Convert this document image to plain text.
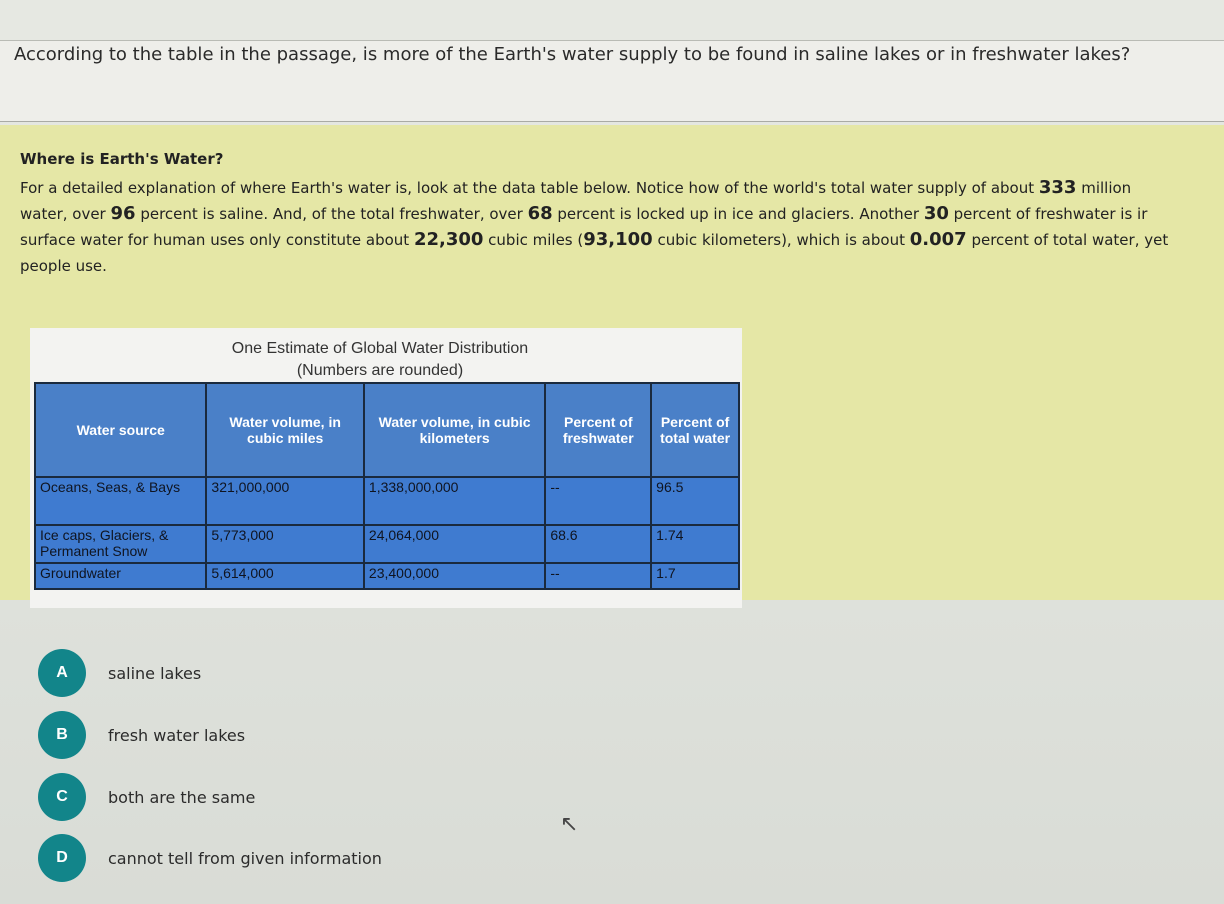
According to the table in the passage, is more of the Earth's water supply to be found in saline lakes or in freshwater lakes?
Where is Earth's Water?
For a detailed explanation of where Earth's water is, look at the data table below. Notice how of the world's total water supply of about 333 million
water, over 96 percent is saline. And, of the total freshwater, over 68 percent is locked up in ice and glaciers. Another 30 percent of freshwater is ir
surface water for human uses only constitute about 22,300 cubic miles (93,100 cubic kilometers), which is about 0.007 percent of total water, yet
people use.
One Estimate of Global Water Distribution
(Numbers are rounded)
Water source	Water volume, in cubic miles	Water volume, in cubic kilometers	Percent of freshwater	Percent of total water
Oceans, Seas, & Bays	321,000,000	1,338,000,000	--	96.5
Ice caps, Glaciers, & Permanent Snow	5,773,000	24,064,000	68.6	1.74
Groundwater	5,614,000	23,400,000	--	1.7
A	saline lakes
B	fresh water lakes
C	both are the same
D	cannot tell from given information
↖
